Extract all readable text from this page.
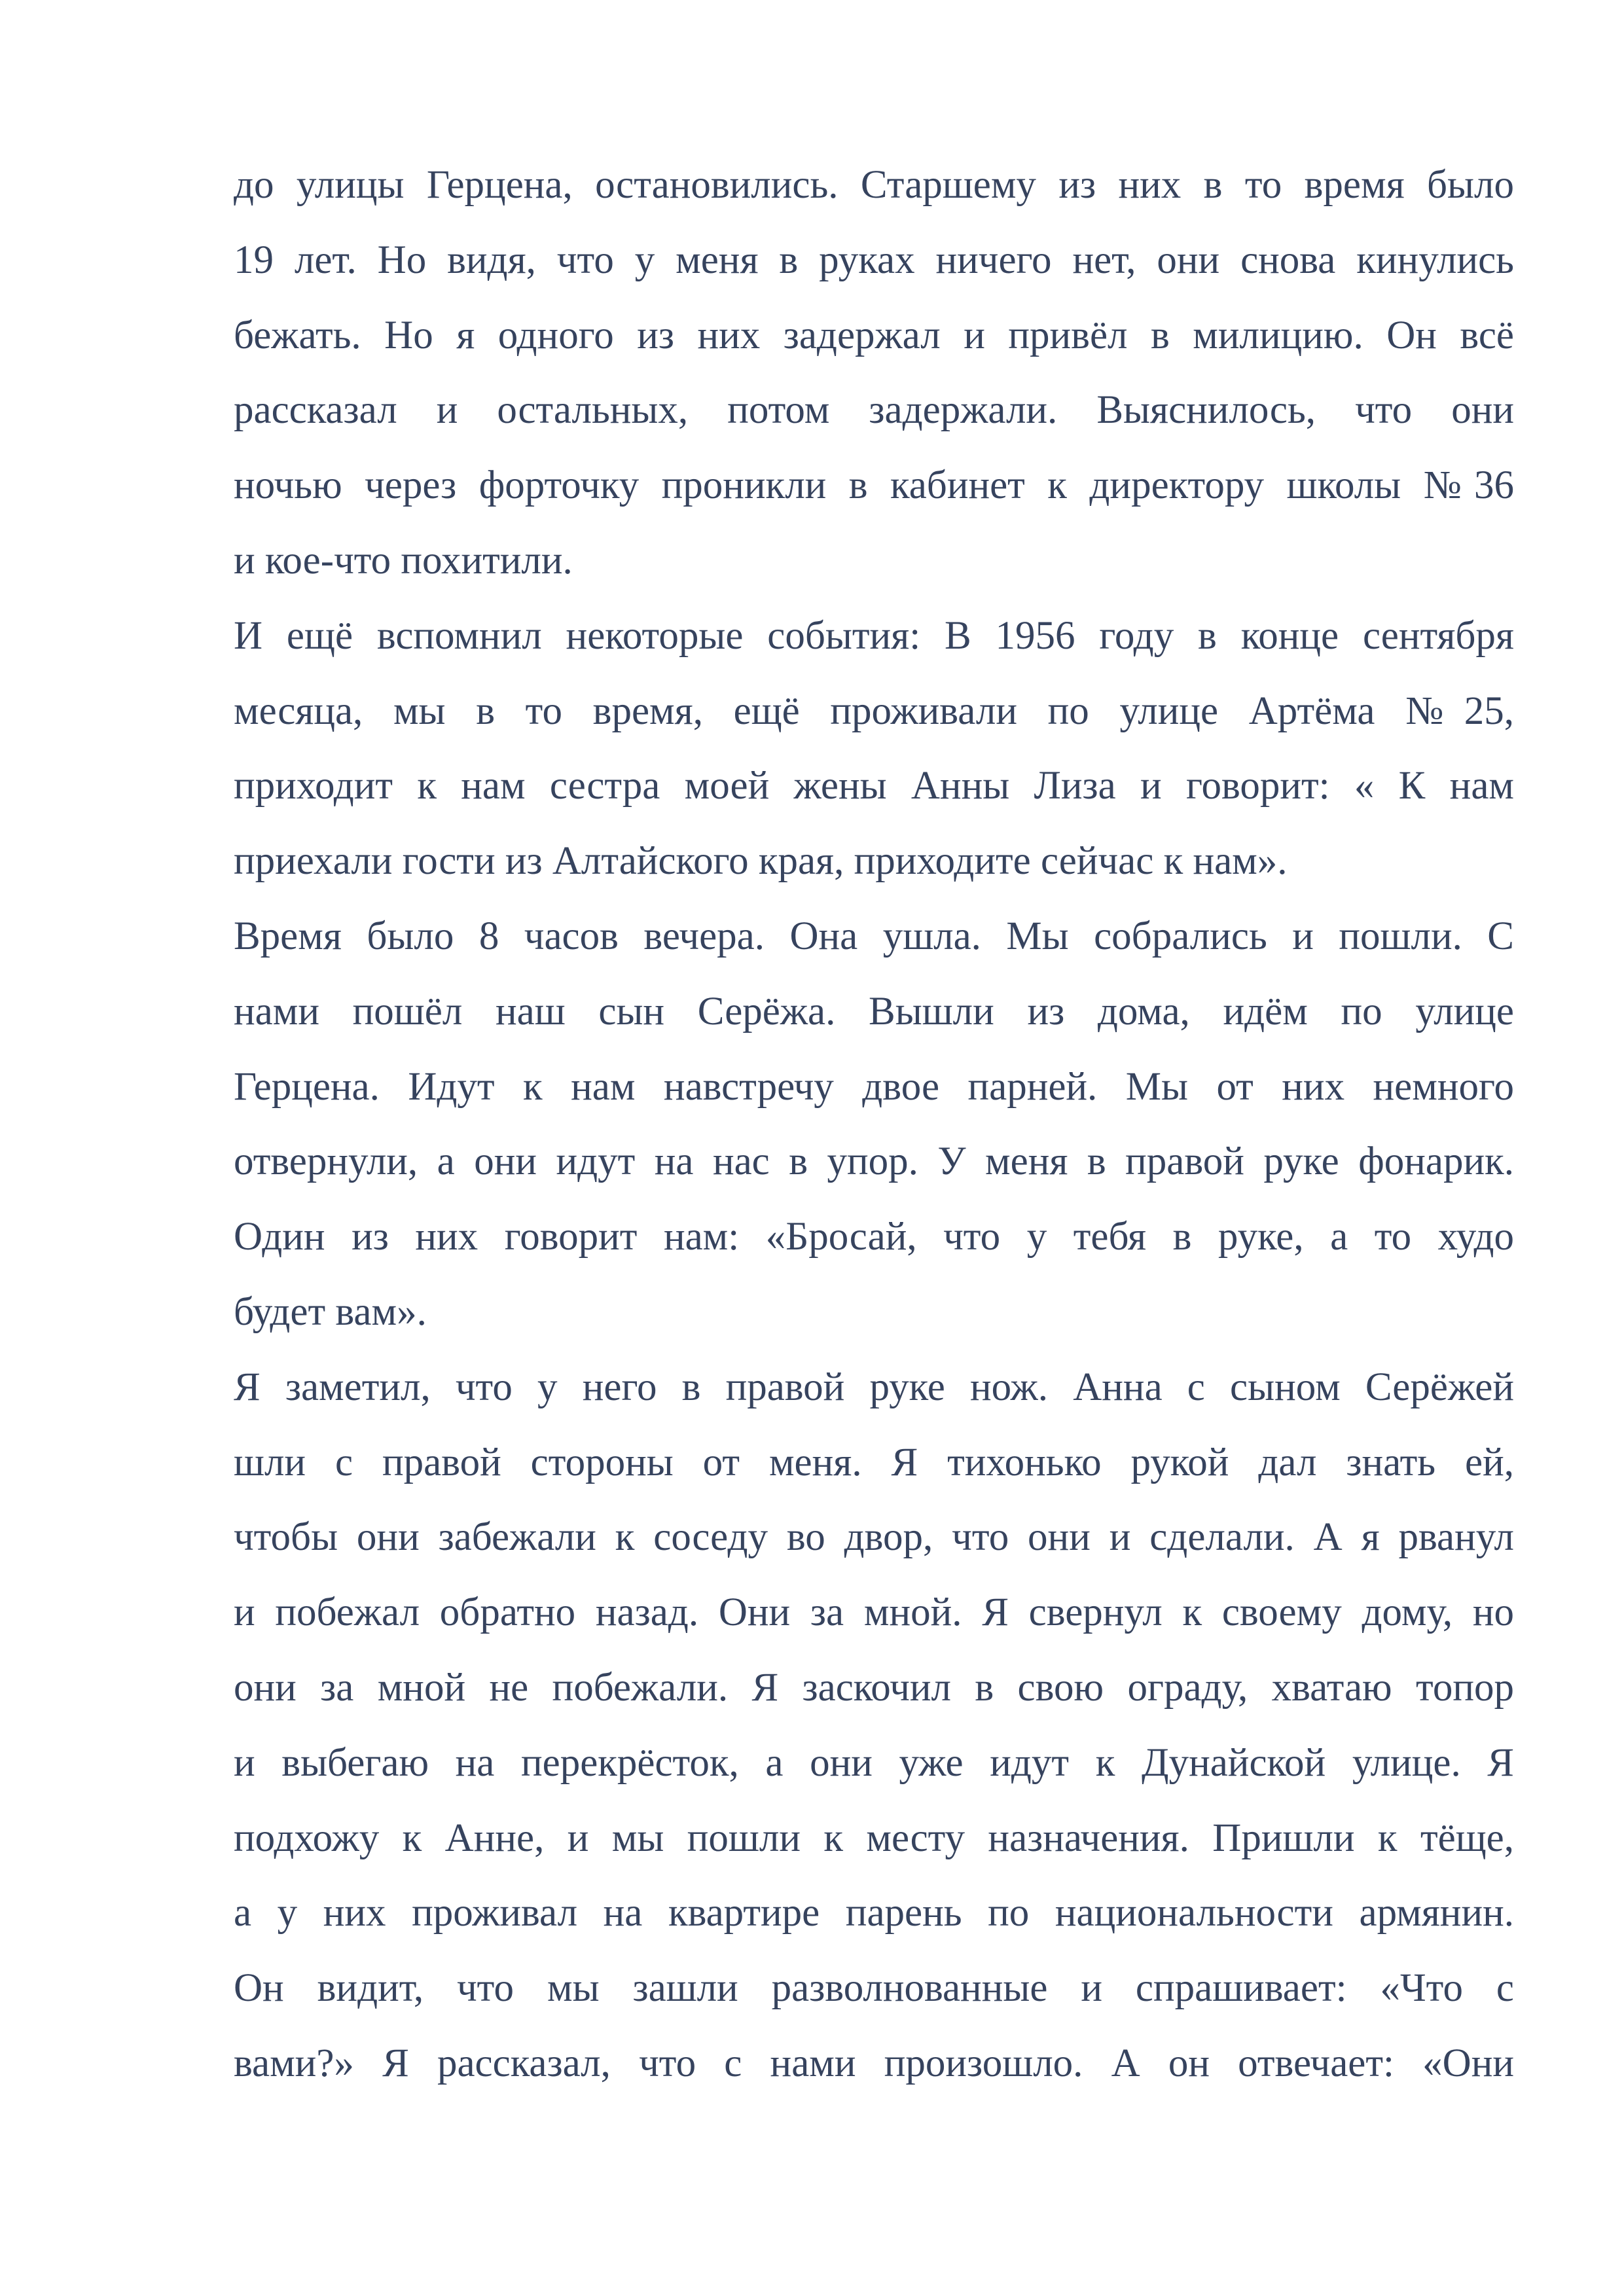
до улицы Герцена, остановились. Старшему из них в то время было
19 лет. Но видя, что у меня в руках ничего нет, они снова кинулись
бежать. Но я одного из них задержал и привёл в милицию. Он всё
рассказал и остальных, потом задержали. Выяснилось, что они
ночью через форточку проникли в кабинет к директору школы №36
и кое-что похитили.
И ещё вспомнил некоторые события: В 1956 году в конце сентября
месяца, мы в то время, ещё проживали по улице Артёма №25,
приходит к нам сестра моей жены Анны Лиза и говорит: « К нам
приехали гости из Алтайского края, приходите сейчас к нам».
Время было 8 часов вечера. Она ушла. Мы собрались и пошли. С
нами пошёл наш сын Серёжа. Вышли из дома, идём по улице
Герцена. Идут к нам навстречу двое парней. Мы от них немного
отвернули, а они идут на нас в упор. У меня в правой руке фонарик.
Один из них говорит нам: «Бросай, что у тебя в руке, а то худо
будет вам».
Я заметил, что у него в правой руке нож. Анна с сыном Серёжей
шли с правой стороны от меня. Я тихонько рукой дал знать ей,
чтобы они забежали к соседу во двор, что они и сделали. А я рванул
и побежал обратно назад. Они за мной. Я свернул к своему дому, но
они за мной не побежали. Я заскочил в свою ограду, хватаю топор
и выбегаю на перекрёсток, а они уже идут к Дунайской улице. Я
подхожу к Анне, и мы пошли к месту назначения. Пришли к тёще,
а у них проживал на квартире парень по национальности армянин.
Он видит, что мы зашли разволнованные и спрашивает: «Что с
вами?» Я рассказал, что с нами произошло. А он отвечает: «Они
